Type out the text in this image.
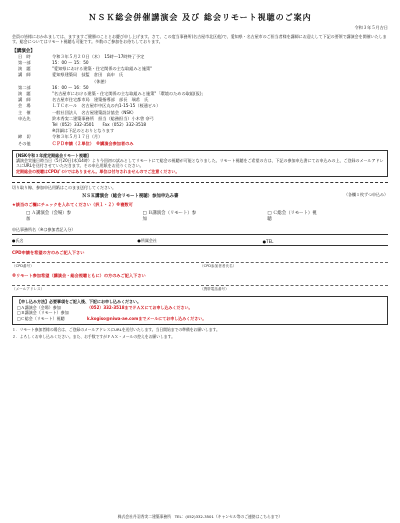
ＮＳＫ総会併催講演会 及び 総会リモート視聴のご案内
令和３年５月吉日
会員の皆様におかれましては、ますますご健勝のこととお慶び申し上げます。さて、この度当事務所(名古屋市北区他)で、愛知県・名古屋市のご担当者様を講師にお迎えして下記の要領で講演会を開催いたします。総会についてはリモート視聴も可能です。多数のご参加をお待ちしております。
【講演会】
日　時	令和３年５月２０日（木）　15時～17時終了予定
第一部	15：00 ～ 15：50
演　題	"愛知県における建築・住宅関係の主な取組みと施策"
講　師	愛知県建築局　技監　倉田　高申　氏
（休憩）
第二部	16：00 ～ 16：50
演　題	"名古屋市における建築・住宅関係の主な取組みと施策"「環境のための取組(仮)」
講　師	名古屋市住宅都市局　建築指導部　部長　瑞希　氏
会　場	ＬＴＣホール　名古屋市中区丸の内1-15-15（桜通ビル）
主　催	一般社団法人　名古屋建築設計協会（NSK）
申込先	鈴木秀実二建築事務所　担当（総務担当）小木曽 奈弓
Tel（052）332-3501　　Fax（052）332-3518
※詳細は下記のとおりとなります
締　切	令和３年５月１７日（月）
その他	ＣＰＤ申請（２単位）　※講演会参加者のみ
[NSK令和３年度定期総会リモート視聴]
講演会実施日時当日（5月20日(木)14時）より今回初の試みとしてリモートにて総会の視聴が可能となりました。リモート視聴をご希望の方は、下記の参加申込書にてお申込みの上、ご登録のメールアドレスにURLを送付させていただきます。その申込用紙をお送りください。
定期総会の視聴はCPDﾎﾟｲﾝﾄではありません。単位は付与されませんのでご注意ください。
切り取り線、参加申込用紙はこのまま送付してください。
ＮＳＫ講演会（総会リモート視聴）参加申込み書	（各欄１枚ずつ申込み）
★該当のご欄にチェックを入れてください（択１・２）※複数可
□ Ａ講演会（会場）参加
□ Ｂ講演会（リモート）参加
□ Ｃ総会（リモート）視聴
申込事務所名（※は参加者記入分）
●氏名	●所属会社	●TEL
CPD申請を希望の方のみご記入下さい
（CPD番号）	（CPD参加者者氏名）
※リモート参加希望（講演会・総会視聴ともに）の方のみご記入下さい
（メールアドレス）	（携帯電話番号）
【申し込み方法】必要事項をご記入後、下記にお申し込みください。
□Ａ講演会（会場）参加	（052）332-3518までＦＡＸにてお申し込みください。
□Ｂ講演会（リモート）参加
□Ｃ総会（リモート）視聴	k.kogiso@niwa-ae.comまでメールにてお申し込みください。
１．リモート参加者様の場合は、ご登録のメールアドレスにURLを送付いたします。当日開始までの準備をお願いします。
２．よろしくお申し込みください。また、お手数ですがＦＡＸ・メールの控えをお願いします。
株式会社丹羽秀実二建築事務所　TEL：(052)332-3501（キャンセル等のご連絡はこちらまで）
